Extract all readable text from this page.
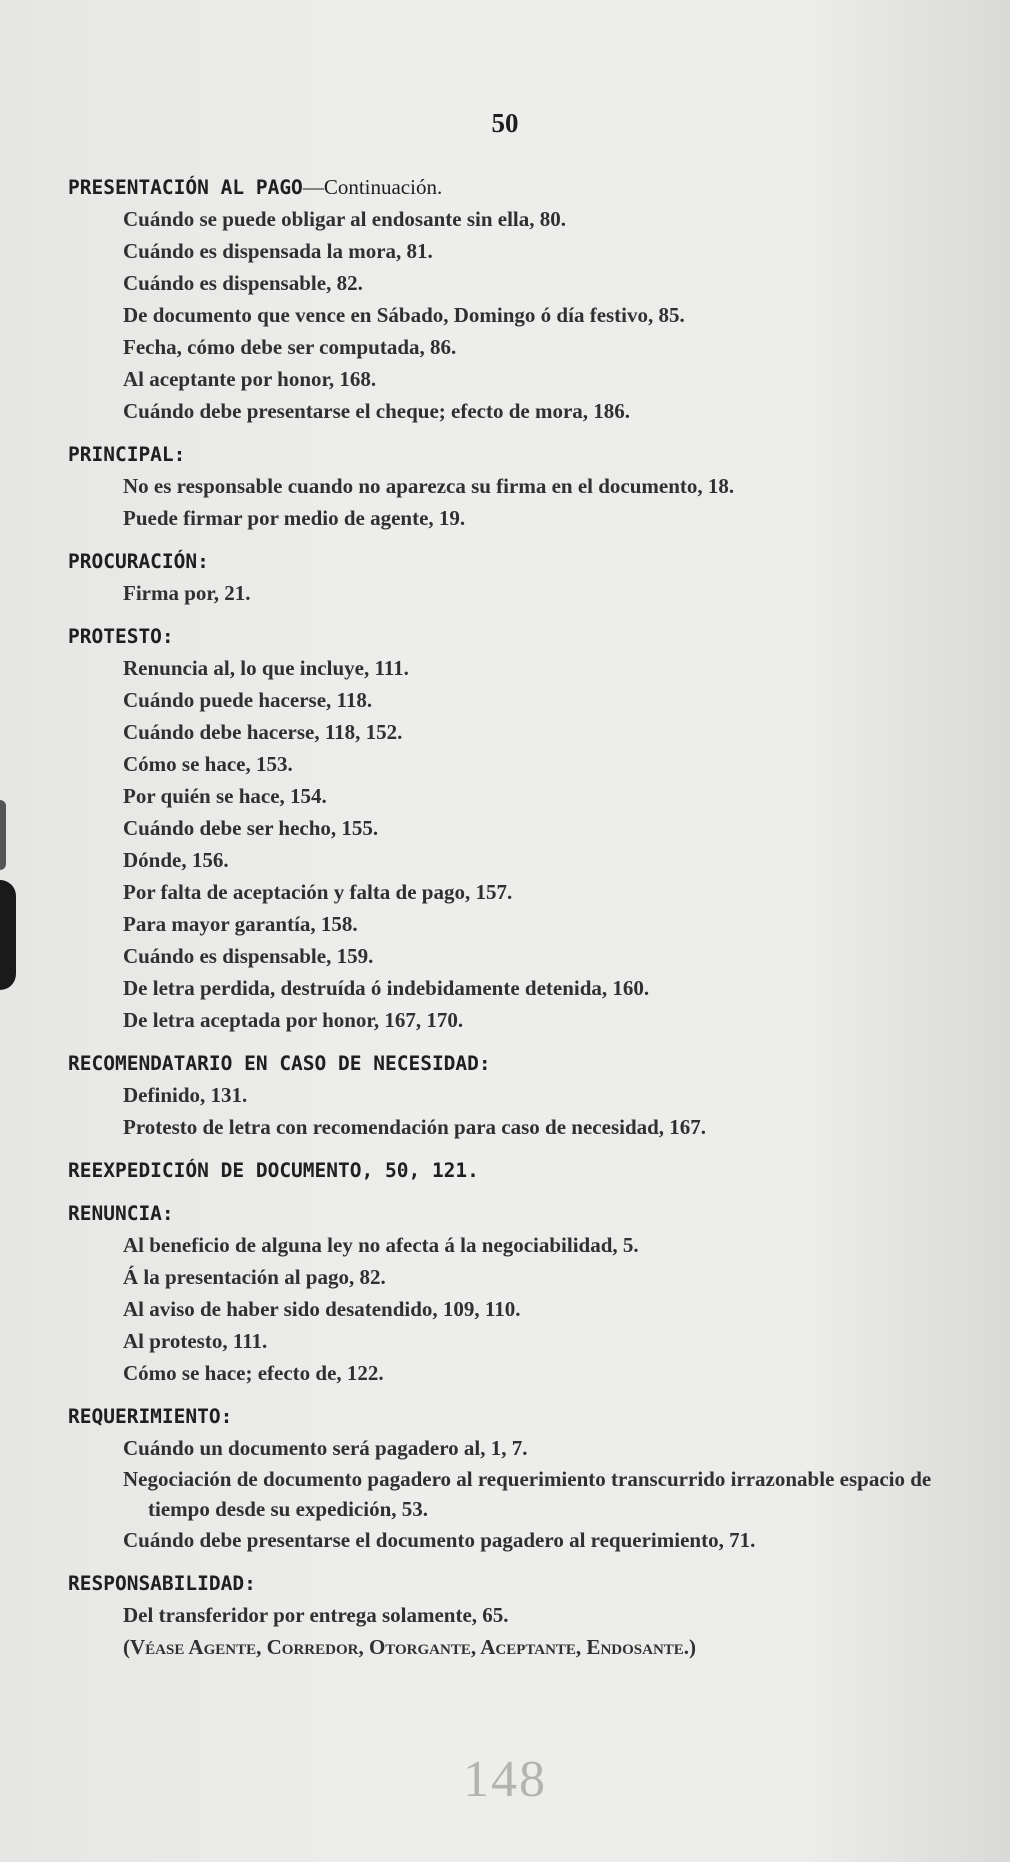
50
PRESENTACIÓN AL PAGO—Continuación.
Cuándo se puede obligar al endosante sin ella, 80.
Cuándo es dispensada la mora, 81.
Cuándo es dispensable, 82.
De documento que vence en Sábado, Domingo ó día festivo, 85.
Fecha, cómo debe ser computada, 86.
Al aceptante por honor, 168.
Cuándo debe presentarse el cheque; efecto de mora, 186.
PRINCIPAL:
No es responsable cuando no aparezca su firma en el documento, 18.
Puede firmar por medio de agente, 19.
PROCURACIÓN:
Firma por, 21.
PROTESTO:
Renuncia al, lo que incluye, 111.
Cuándo puede hacerse, 118.
Cuándo debe hacerse, 118, 152.
Cómo se hace, 153.
Por quién se hace, 154.
Cuándo debe ser hecho, 155.
Dónde, 156.
Por falta de aceptación y falta de pago, 157.
Para mayor garantía, 158.
Cuándo es dispensable, 159.
De letra perdida, destruída ó indebidamente detenida, 160.
De letra aceptada por honor, 167, 170.
RECOMENDATARIO EN CASO DE NECESIDAD:
Definido, 131.
Protesto de letra con recomendación para caso de necesidad, 167.
REEXPEDICIÓN DE DOCUMENTO, 50, 121.
RENUNCIA:
Al beneficio de alguna ley no afecta á la negociabilidad, 5.
Á la presentación al pago, 82.
Al aviso de haber sido desatendido, 109, 110.
Al protesto, 111.
Cómo se hace; efecto de, 122.
REQUERIMIENTO:
Cuándo un documento será pagadero al, 1, 7.
Negociación de documento pagadero al requerimiento transcurrido irrazonable espacio de tiempo desde su expedición, 53.
Cuándo debe presentarse el documento pagadero al requerimiento, 71.
RESPONSABILIDAD:
Del transferidor por entrega solamente, 65.
(Véase Agente, Corredor, Otorgante, Aceptante, Endosante.)
148
